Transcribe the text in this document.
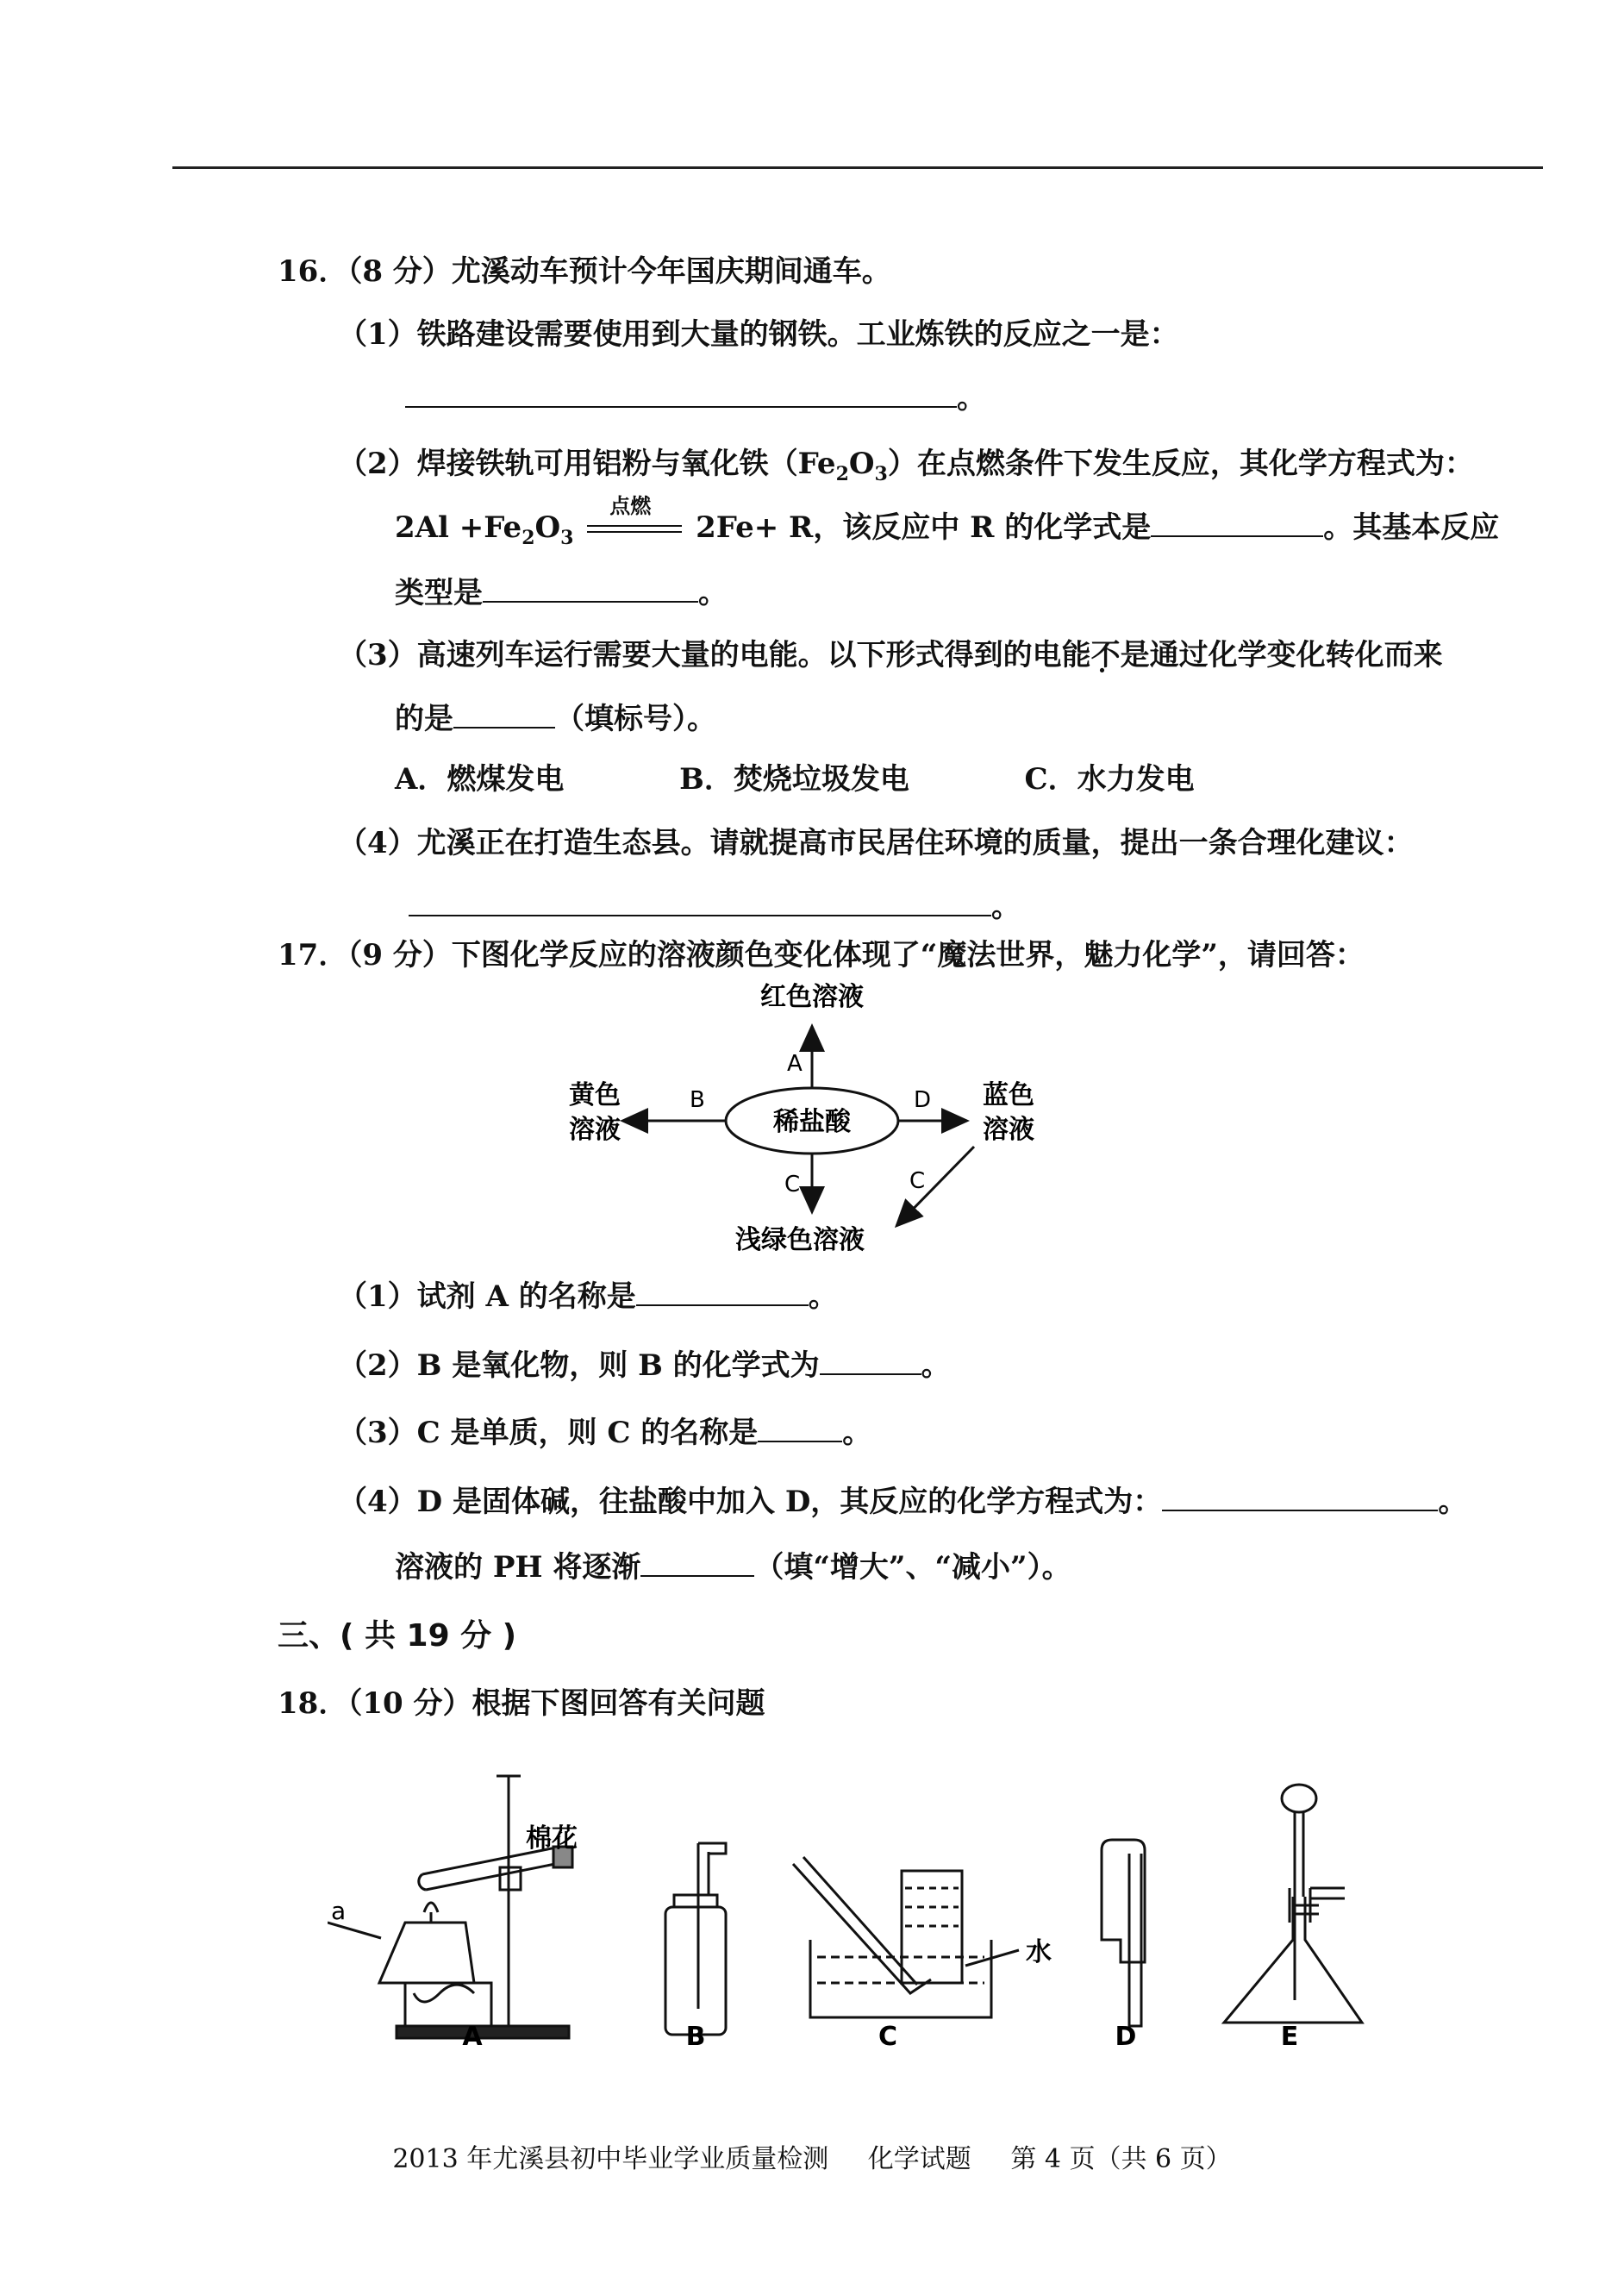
16．（8 分）尤溪动车预计今年国庆期间通车。
（1）铁路建设需要使用到大量的钢铁。工业炼铁的反应之一是：
。
（2）焊接铁轨可用铝粉与氧化铁$(Fe_2O_3)$在点燃条件下发生反应，其化学方程式为：
$2Al +Fe_2O_3$
点燃
2Fe+ R，该反应中 R 的化学式是	。其基本反应
类型是	。
（3）高速列车运行需要大量的电能。以下形式得到的电能不是通过化学变化转化而来
的是	（填标号）。
A．燃煤发电	B．焚烧垃圾发电	C．水力发电
（4）尤溪正在打造生态县。请就提高市民居住环境的质量，提出一条合理化建议：
。
17．（9 分）下图化学反应的溶液颜色变化体现了“魔法世界，魅力化学”，请回答：
稀盐酸
A
红色溶液
B
黄色
溶液
D 蓝色
溶液
C	C
浅绿色溶液
（1）试剂 A 的名称是	。
（2）B 是氧化物，则 B 的化学式为	。
（3）C 是单质，则 C 的名称是	。
（4）D 是固体碱，往盐酸中加入 D，其反应的化学方程式为：	。
溶液的 PH 将逐渐	（填“增大”、“减小”）。
三、( 共 19 分 )
18．（10 分）根据下图回答有关问题
棉花
a
A	B
水
C	D	E
2013 年尤溪县初中毕业学业质量检测 化学试题 第 4 页（共 6 页）
